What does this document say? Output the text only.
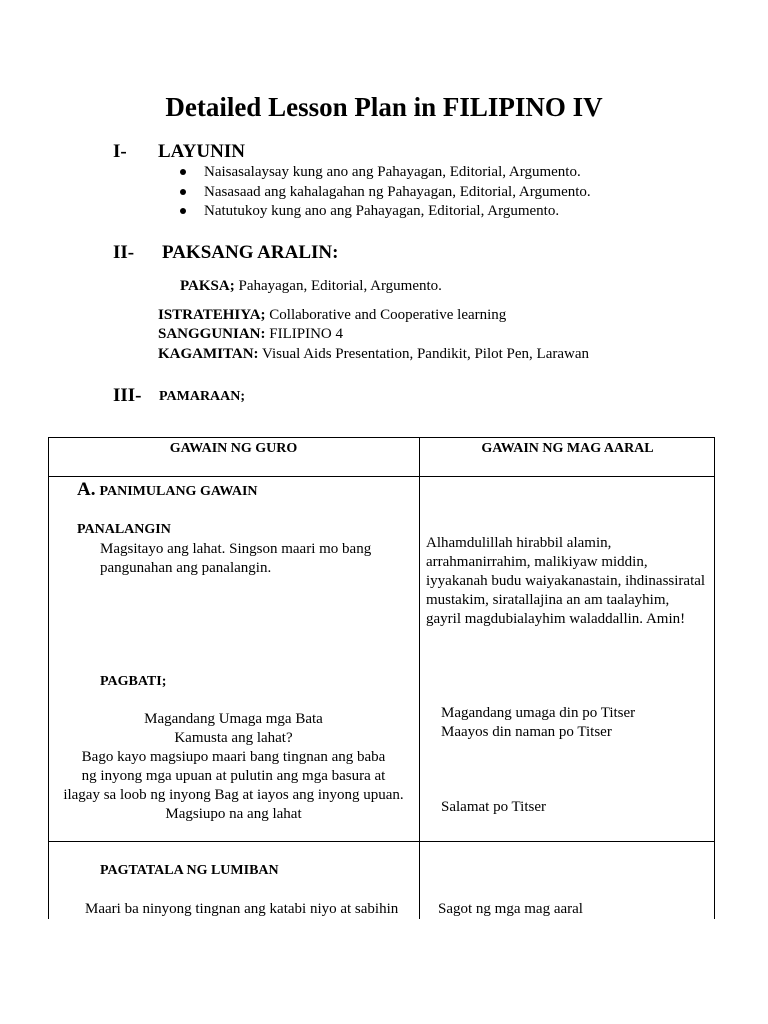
Detailed Lesson Plan in FILIPINO IV
I- LAYUNIN
Naisasalaysay kung ano ang Pahayagan, Editorial, Argumento.
Nasasaad ang kahalagahan ng Pahayagan, Editorial, Argumento.
Natutukoy kung ano ang Pahayagan, Editorial, Argumento.
II- PAKSANG ARALIN:
PAKSA; Pahayagan, Editorial, Argumento.
ISTRATEHIYA; Collaborative and Cooperative learning
SANGGUNIAN: FILIPINO 4
KAGAMITAN: Visual Aids Presentation, Pandikit, Pilot Pen, Larawan
III- PAMARAAN;
GAWAIN NG GURO	GAWAIN NG MAG AARAL
A. PANIMULANG GAWAIN
PANALANGIN
Magsitayo ang lahat. Singson maari mo bang
pangunahan ang panalangin.
PAGBATI;
Magandang Umaga mga Bata
Kamusta ang lahat?
Bago kayo magsiupo maari bang tingnan ang baba
ng inyong mga upuan at pulutin ang mga basura at
ilagay sa loob ng inyong Bag at iayos ang inyong upuan.
Magsiupo na ang lahat
Alhamdulillah hirabbil alamin,
arrahmanirrahim, malikiyaw middin,
iyyakanah budu waiyakanastain, ihdinassiratal
mustakim, siratallajina an am taalayhim,
gayril magdubialayhim waladdallin. Amin!
Magandang umaga din po Titser
Maayos din naman po Titser
Salamat po Titser
PAGTATALA NG LUMIBAN
Maari ba ninyong tingnan ang katabi niyo at sabihin	Sagot ng mga mag aaral
